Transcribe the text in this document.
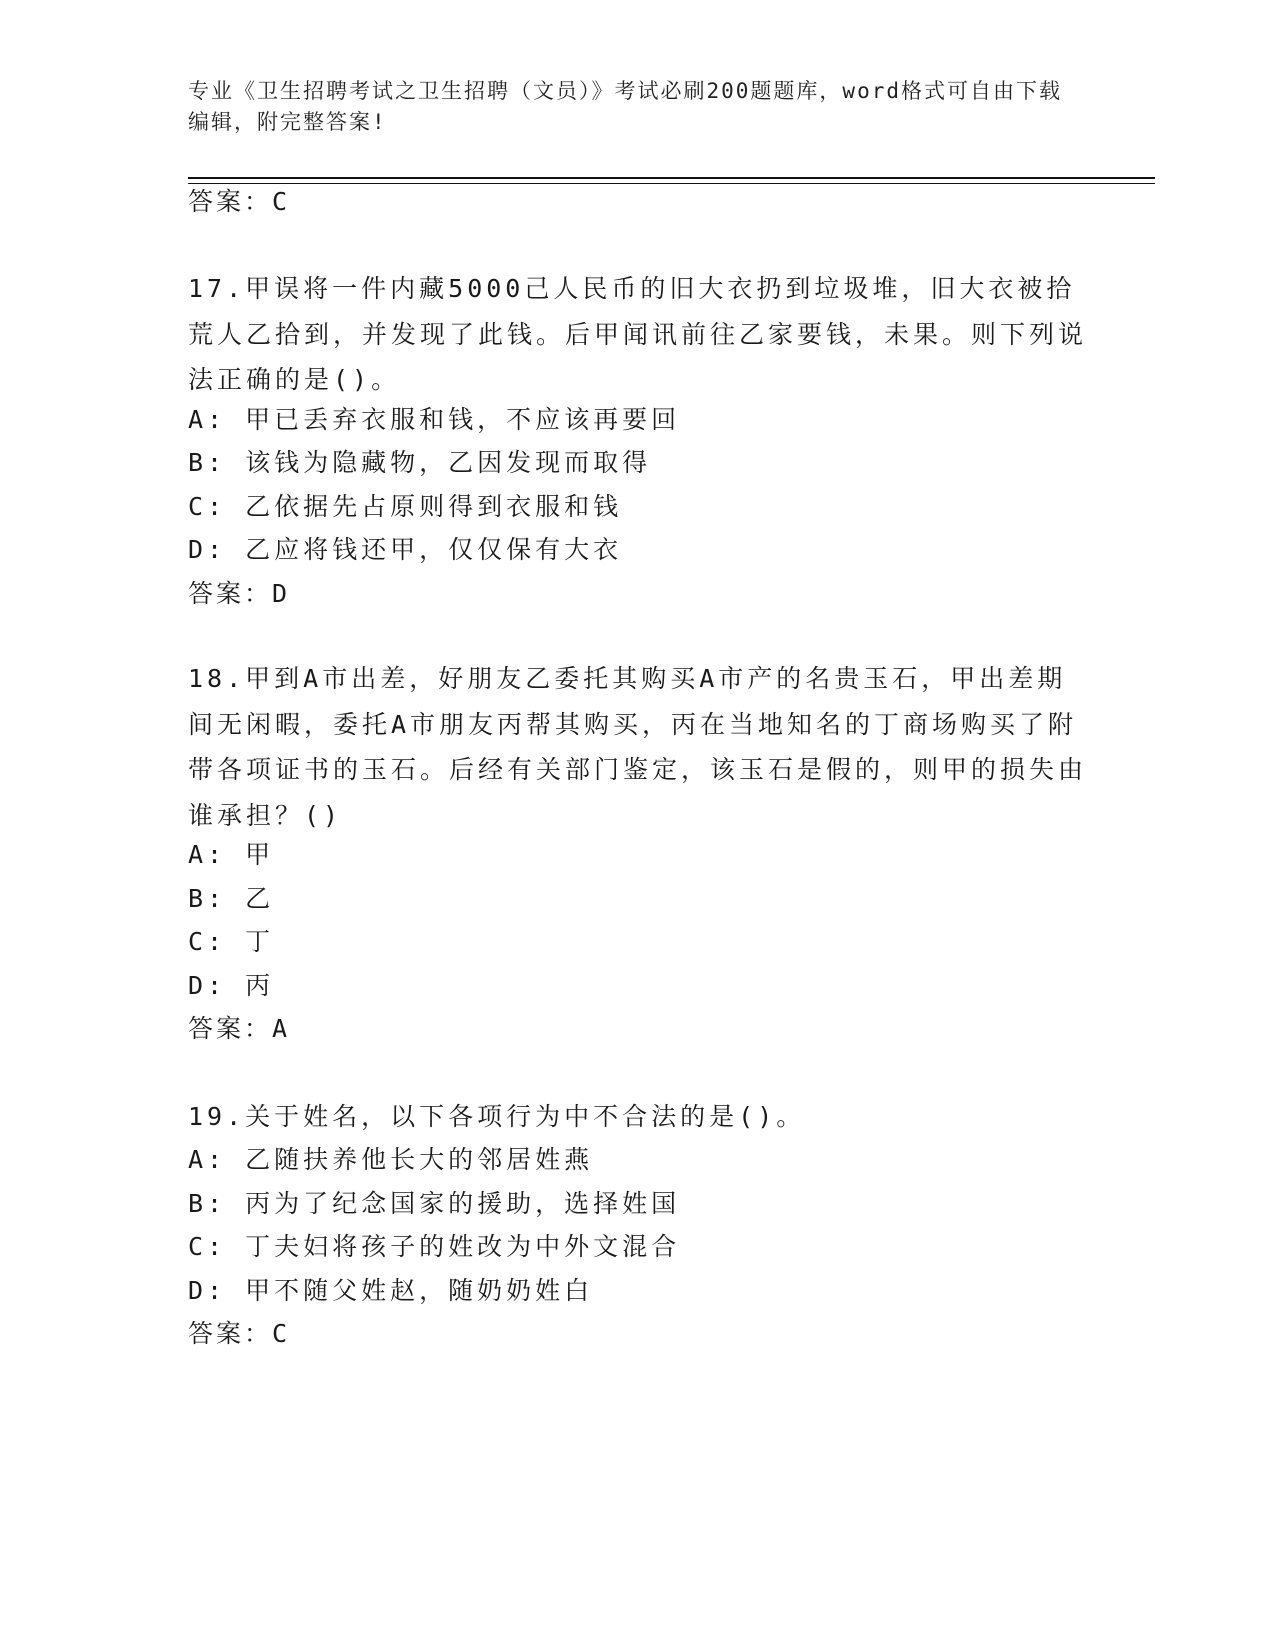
专业《卫生招聘考试之卫生招聘（文员）》考试必刷200题题库，word格式可自由下载编辑，附完整答案!
答案：C
17.甲误将一件内藏5000己人民币的旧大衣扔到垃圾堆，旧大衣被拾荒人乙拾到，并发现了此钱。后甲闻讯前往乙家要钱，未果。则下列说法正确的是()。
A: 甲已丢弃衣服和钱，不应该再要回
B: 该钱为隐藏物，乙因发现而取得
C: 乙依据先占原则得到衣服和钱
D: 乙应将钱还甲，仅仅保有大衣
答案：D
18.甲到A市出差，好朋友乙委托其购买A市产的名贵玉石，甲出差期间无闲暇，委托A市朋友丙帮其购买，丙在当地知名的丁商场购买了附带各项证书的玉石。后经有关部门鉴定，该玉石是假的，则甲的损失由谁承担？()
A: 甲
B: 乙
C: 丁
D: 丙
答案：A
19.关于姓名，以下各项行为中不合法的是()。
A: 乙随扶养他长大的邻居姓燕
B: 丙为了纪念国家的援助，选择姓国
C: 丁夫妇将孩子的姓改为中外文混合
D: 甲不随父姓赵，随奶奶姓白
答案：C
